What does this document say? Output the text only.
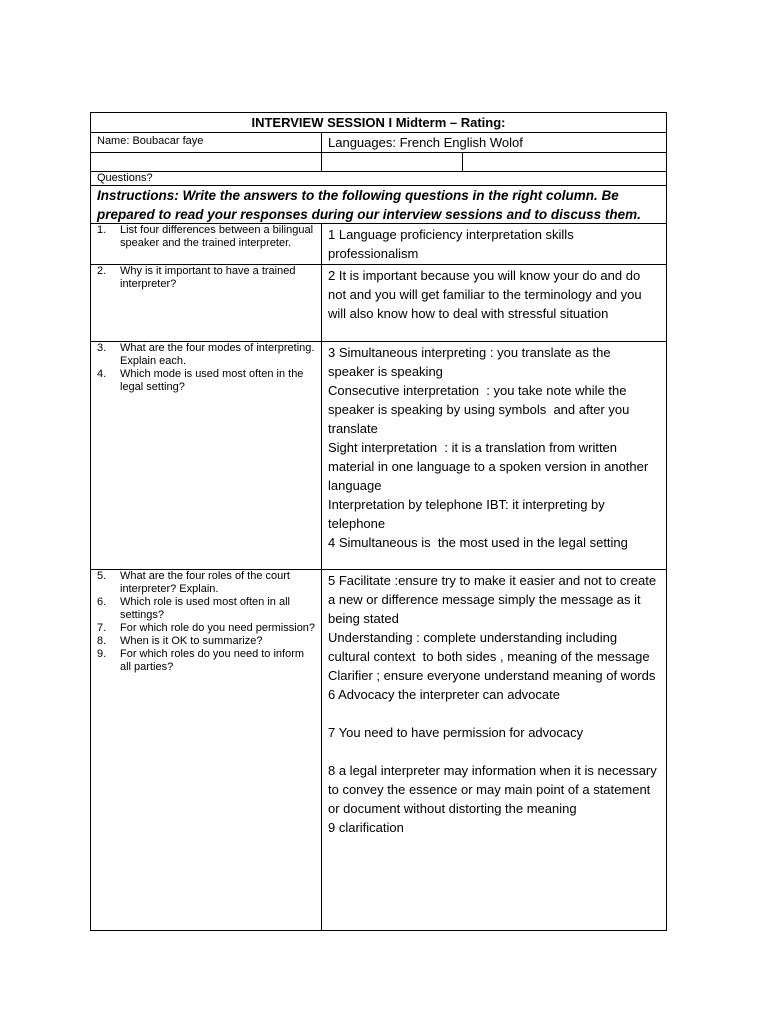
INTERVIEW SESSION I Midterm – Rating:
Name: Boubacar faye	Languages: French English Wolof
Questions?
Instructions: Write the answers to the following questions in the right column. Be prepared to read your responses during our interview sessions and to discuss them.
1. List four differences between a bilingual speaker and the trained interpreter.

1 Language proficiency interpretation skills professionalism

2. Why is it important to have a trained interpreter?

2 It is important because you will know your do and do not and you will get familiar to the terminology and you will also know how to deal with stressful situation

3. What are the four modes of interpreting. Explain each.
4. Which mode is used most often in the legal setting?

3 Simultaneous interpreting : you translate as the speaker is speaking

Consecutive interpretation  : you take note while the speaker is speaking by using symbols  and after you translate

Sight interpretation  : it is a translation from written material in one language to a spoken version in another language

Interpretation by telephone IBT: it interpreting by telephone

4 Simultaneous is  the most used in the legal setting

5. What are the four roles of the court interpreter? Explain.
6. Which role is used most often in all settings?
7. For which role do you need permission?
8. When is it OK to summarize?
9. For which roles do you need to inform all parties?

5 Facilitate :ensure try to make it easier and not to create a new or difference message simply the message as it being stated

Understanding : complete understanding including cultural context  to both sides , meaning of the message

Clarifier ; ensure everyone understand meaning of words

6 Advocacy the interpreter can advocate

7 You need to have permission for advocacy

8 a legal interpreter may information when it is necessary to convey the essence or may main point of a statement or document without distorting the meaning

9 clarification
